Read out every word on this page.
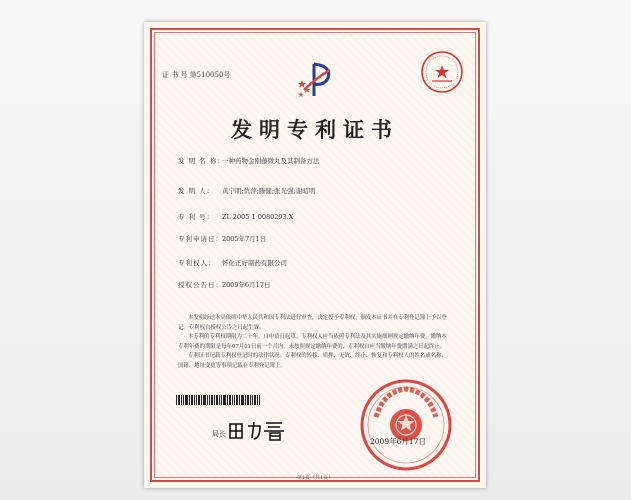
证 书 号 第510050号
发明专利证书
发 明 名 称：一种药物金刚藤微丸及其制备方法
发 明 人： 黄宁明;仇萍;滕健;张光强;谢昭明
专 利 号： ZL 2005 1 0080293.X
专利申请日：2005年7月1日
专利权人： 怀化正好制药有限公司
授权公告日：2009年6月17日

本发明经过本局依照中华人民共和国专利法进行审查，决定授予专利权，颁发本证书并在专利登记簿上予以登记。专利权自授权公告之日起生效。

本专利的专利权期限为二十年，自申请日起算。专利权人应当依照专利法及其实施细则规定缴纳年费。缴纳本专利年费的期限是每年07月01日前一个月内。未按照规定缴纳年费的，专利权自应当缴纳年费期满之日起终止。

专利证书记载专利权登记时的法律状况。专利权的转移、质押、无效、终止、恢复和专利权人的姓名或名称、国籍、地址变更等事项记载在专利登记簿上。

局长
2009年6月17日
第1页（共1页）
